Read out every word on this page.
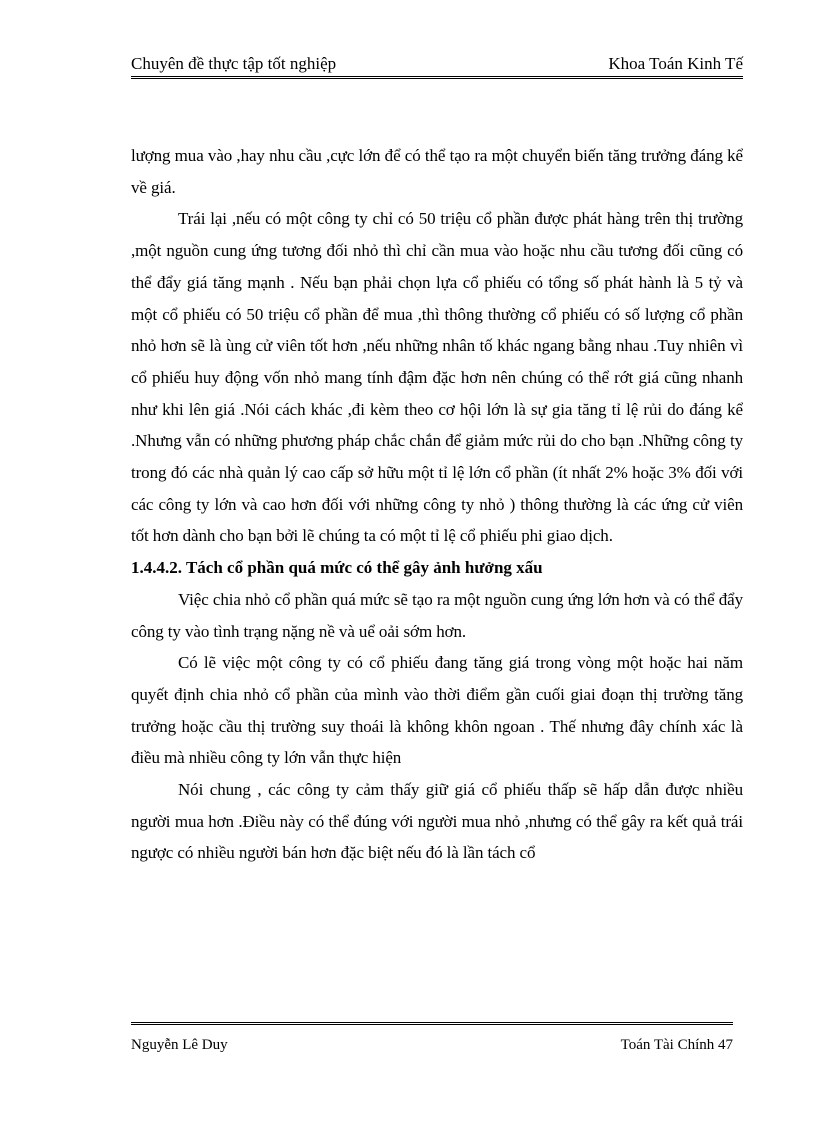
Chuyên đề thực tập tốt nghiệp	Khoa Toán Kinh Tế

lượng mua vào ,hay nhu cầu ,cực lớn để có thể tạo ra một chuyển biến tăng trưởng đáng kể về giá.

Trái lại ,nếu có một công ty chỉ có 50 triệu cổ phần được phát hàng trên thị trường ,một nguồn cung ứng tương đối nhỏ thì chỉ cần mua vào hoặc nhu cầu tương đối cũng có thể đẩy giá tăng mạnh . Nếu bạn phải chọn lựa cổ phiếu có tổng số phát hành là 5 tỷ và một cổ phiếu có 50 triệu cổ phần để mua ,thì thông thường cổ phiếu có số lượng cổ phần nhỏ hơn sẽ là ùng cử viên tốt hơn ,nếu những nhân tố khác ngang bằng nhau .Tuy nhiên vì cổ phiếu huy động vốn nhỏ mang tính đậm đặc hơn nên chúng có thể rớt giá cũng nhanh như khi lên giá .Nói cách khác ,đi kèm theo cơ hội lớn là sự gia tăng tỉ lệ rủi do đáng kể .Nhưng vẫn có những phương pháp chắc chắn để giảm mức rủi do cho bạn .Những công ty trong đó các nhà quản lý cao cấp sở hữu một tỉ lệ lớn cổ phần (ít nhất 2% hoặc 3% đối với các công ty lớn và cao hơn đối với những công ty nhỏ ) thông thường là các ứng cử viên tốt hơn dành cho bạn bởi lẽ chúng ta có một tỉ lệ cổ phiếu phi giao dịch.

1.4.4.2. Tách cổ phần quá mức có thể gây ảnh hưởng xấu

Việc chia nhỏ cổ phần quá mức sẽ tạo ra một nguồn cung ứng lớn hơn và có thể đẩy công ty vào tình trạng nặng nề và uể oải sớm hơn.

Có lẽ việc một công ty có cổ phiếu đang tăng giá trong vòng một hoặc hai năm quyết định chia nhỏ cổ phần của mình vào thời điểm gần cuối giai đoạn thị trường tăng trưởng hoặc cầu thị trường suy thoái là không khôn ngoan . Thế nhưng đây chính xác là điều mà nhiều công ty lớn vẫn thực hiện

Nói chung , các công ty cảm thấy giữ giá cổ phiếu thấp sẽ hấp dẫn được nhiều người mua hơn .Điều này có thể đúng với người mua nhỏ ,nhưng có thể gây ra kết quả trái ngược có nhiều người bán hơn đặc biệt nếu đó là lần tách cổ

Nguyễn Lê Duy	Toán Tài Chính 47
